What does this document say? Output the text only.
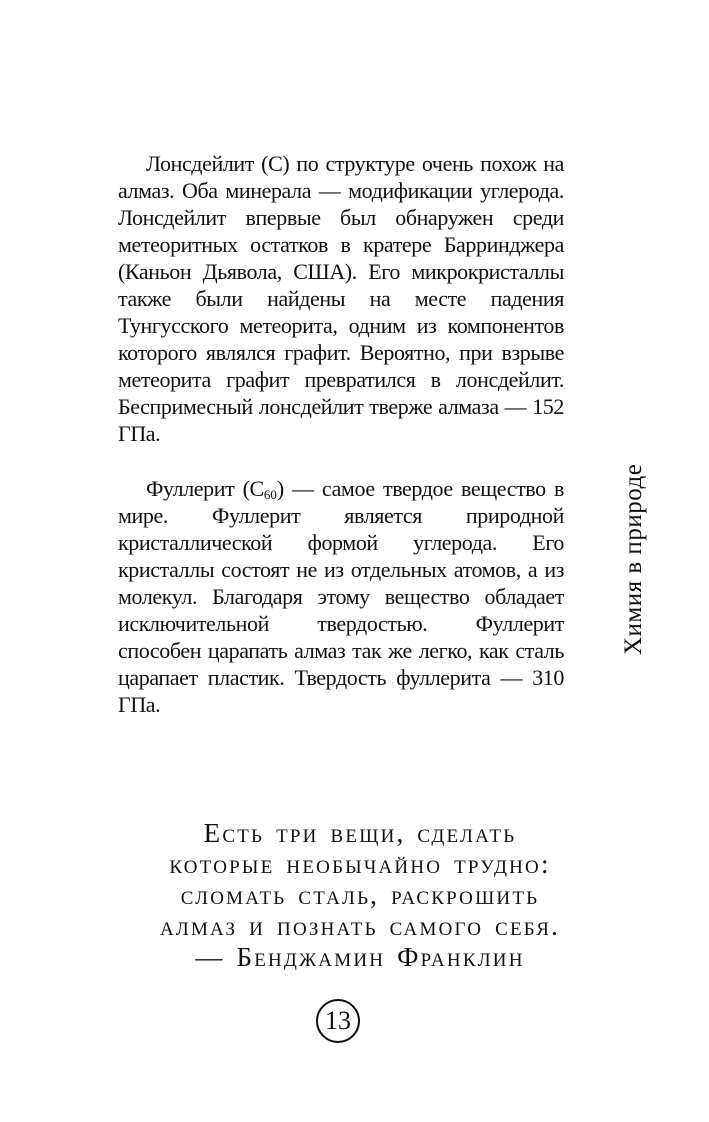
Лонсдейлит (С) по структуре очень похож на алмаз. Оба минерала — модификации углерода. Лонсдейлит впервые был обнаружен среди метеоритных остатков в кратере Барринджера (Каньон Дьявола, США). Его микрокристаллы также были найдены на месте падения Тунгусского метеорита, одним из компонентов которого являлся графит. Вероятно, при взрыве метеорита графит превратился в лонсдейлит. Беспримесный лонсдейлит тверже алмаза — 152 ГПа.

Фуллерит $(С_{60})$ — самое твердое вещество в мире. Фуллерит является природной кристаллической формой углерода. Его кристаллы состоят не из отдельных атомов, а из молекул. Благодаря этому вещество обладает исключительной твердостью. Фуллерит способен царапать алмаз так же легко, как сталь царапает пластик. Твердость фуллерита — 310 ГПа.

Химия в природе
Есть три вещи, сделать
которые необычайно трудно:
сломать сталь, раскрошить
алмаз и познать самого себя.
— Бенджамин Франклин
13
